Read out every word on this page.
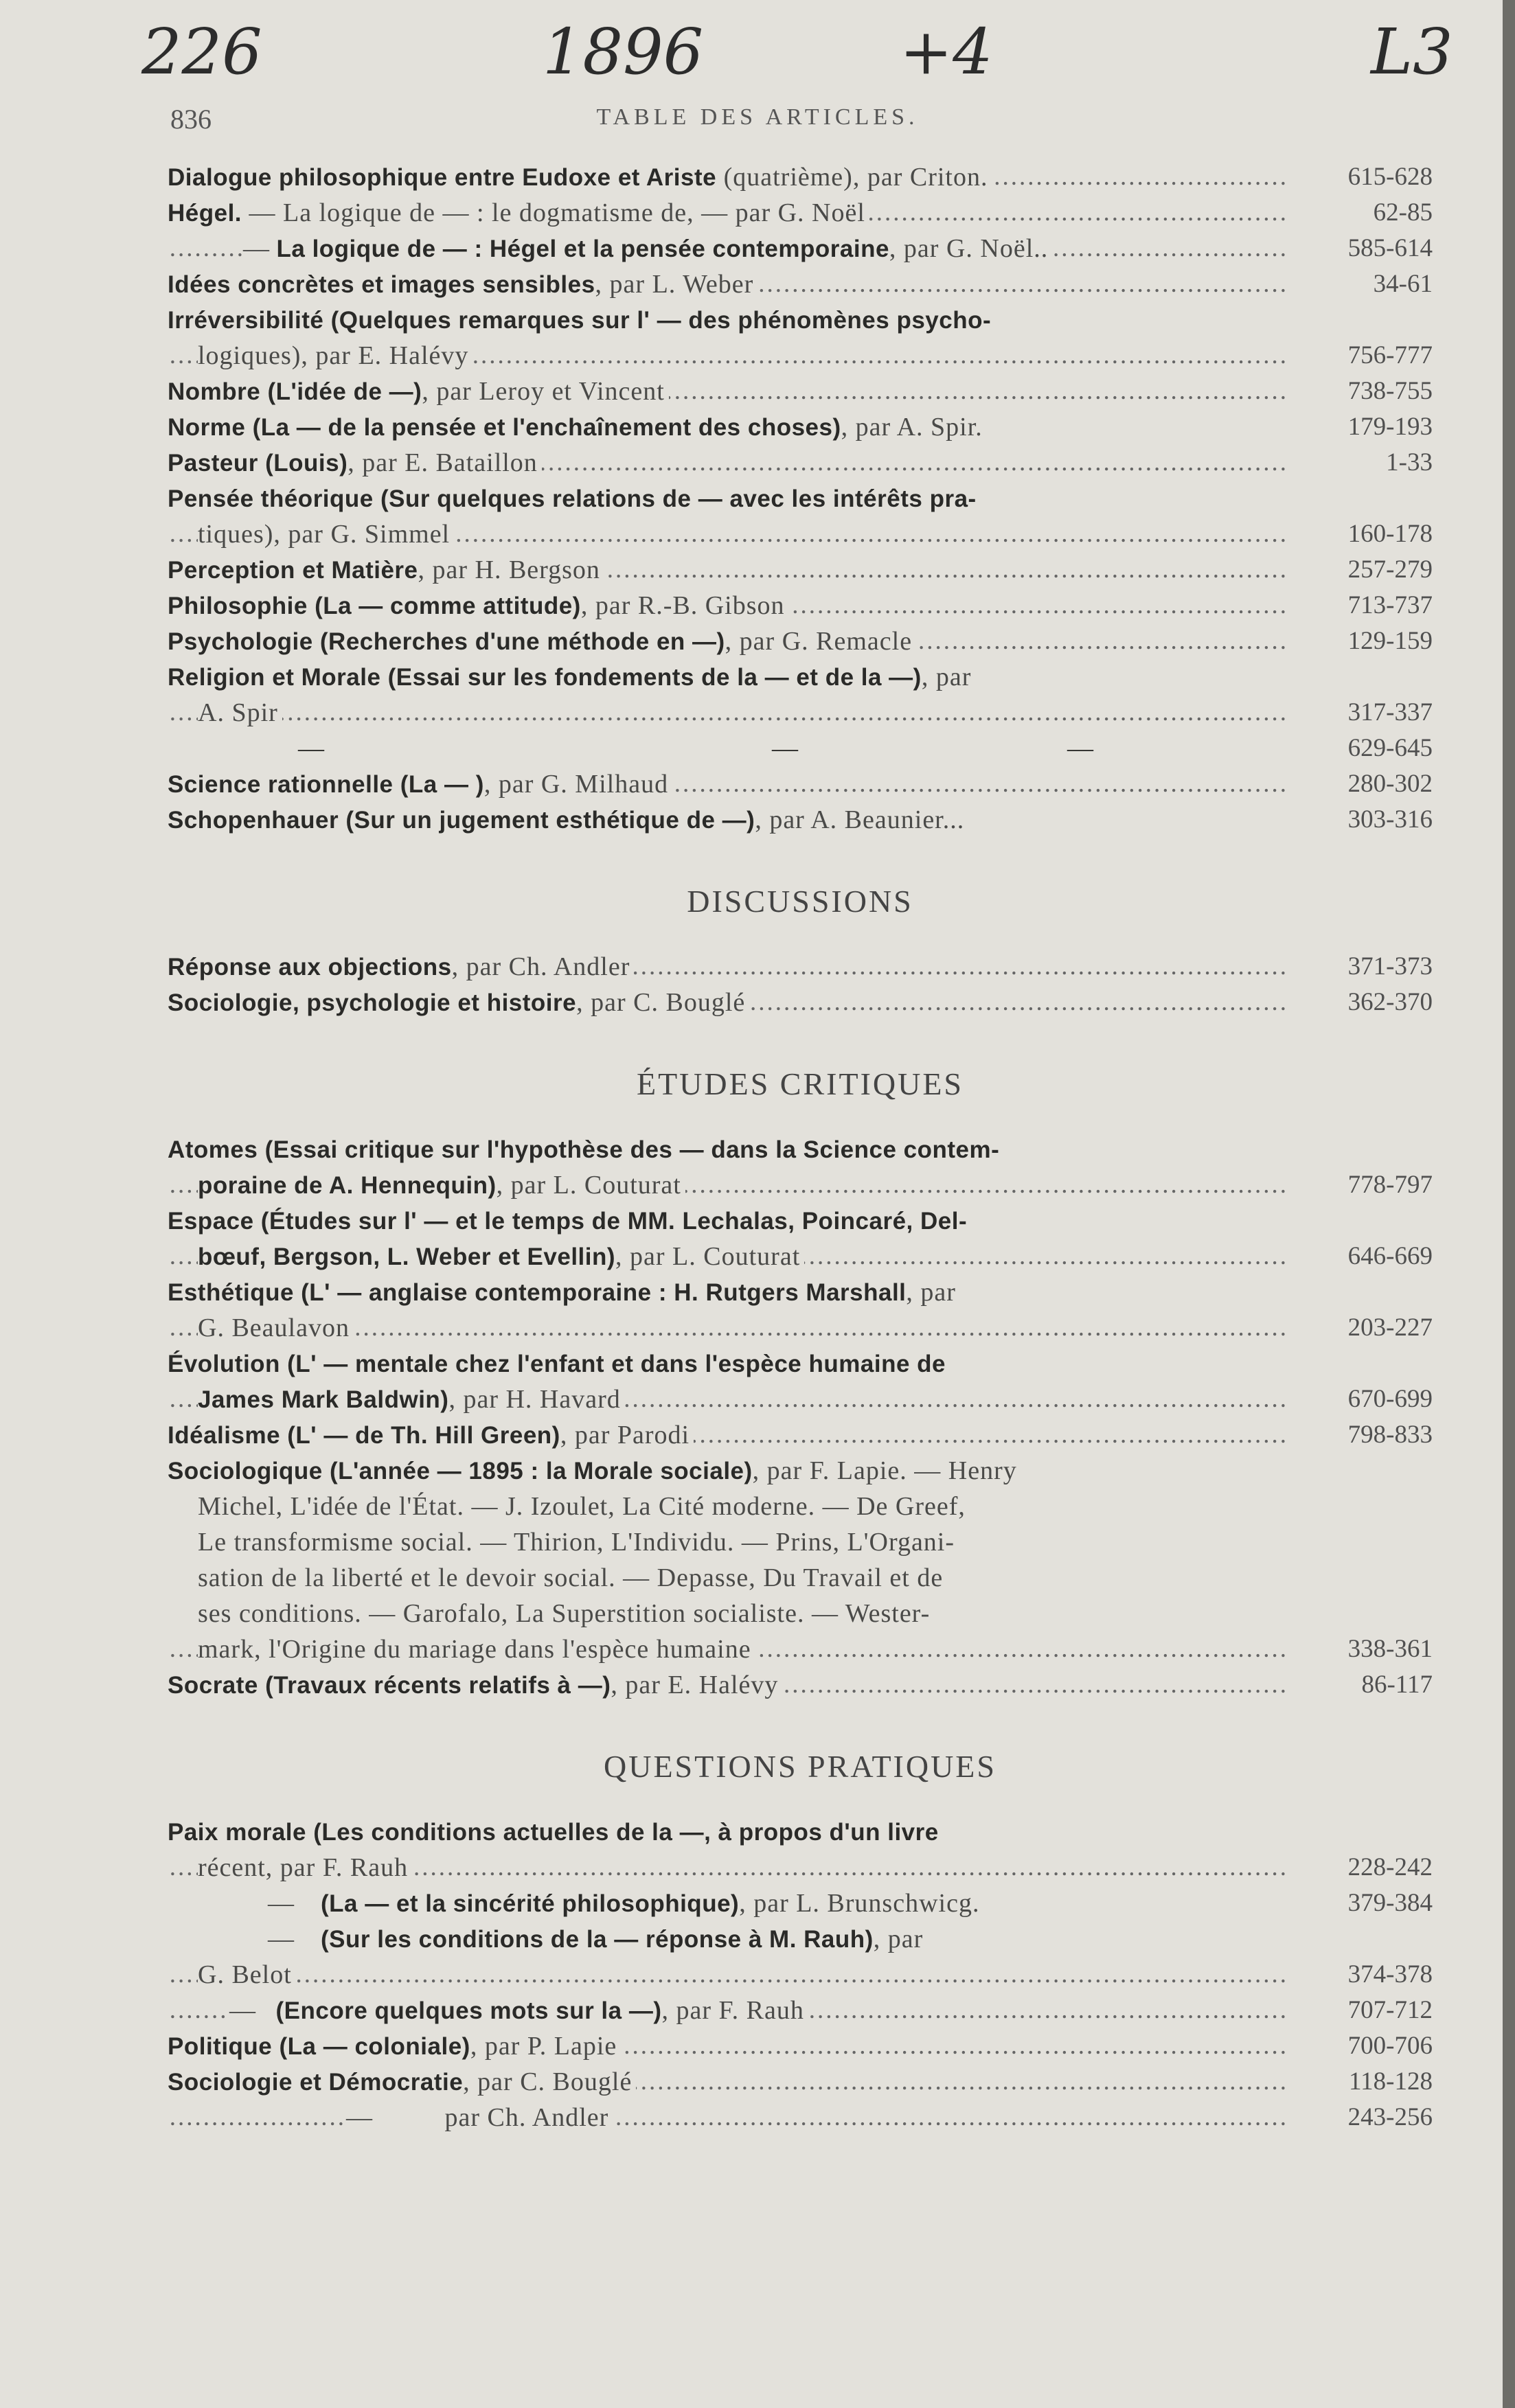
226	1896	+4	L3
836	TABLE DES ARTICLES.
Dialogue philosophique entre Eudoxe et Ariste (quatrième), par Criton.	..... 615-628
Hégel. — La logique de — : le dogmatisme de, — par G. Noël	..... 62-85
— La logique de — : Hégel et la pensée contemporaine, par G. Noël..	..... 585-614
Idées concrètes et images sensibles, par L. Weber	..... 34-61
Irréversibilité (Quelques remarques sur l' — des phénomènes psycho-
logiques), par E. Halévy	..... 756-777
Nombre (L'idée de —), par Leroy et Vincent	..... 738-755
Norme (La — de la pensée et l'enchaînement des choses), par A. Spir.	179-193
Pasteur (Louis), par E. Bataillon	..... 1-33
Pensée théorique (Sur quelques relations de — avec les intérêts pra-
tiques), par G. Simmel	..... 160-178
Perception et Matière, par H. Bergson	..... 257-279
Philosophie (La — comme attitude), par R.-B. Gibson	..... 713-737
Psychologie (Recherches d'une méthode en —), par G. Remacle	..... 129-159
Religion et Morale (Essai sur les fondements de la — et de la —), par
A. Spir	..... 317-337
—	—	—	629-645
Science rationnelle (La — ), par G. Milhaud	..... 280-302
Schopenhauer (Sur un jugement esthétique de —), par A. Beaunier...	303-316
DISCUSSIONS
Réponse aux objections, par Ch. Andler	..... 371-373
Sociologie, psychologie et histoire, par C. Bouglé	..... 362-370
ÉTUDES CRITIQUES
Atomes (Essai critique sur l'hypothèse des — dans la Science contem-
poraine de A. Hennequin), par L. Couturat	..... 778-797
Espace (Études sur l' — et le temps de MM. Lechalas, Poincaré, Del-
bœuf, Bergson, L. Weber et Evellin), par L. Couturat	..... 646-669
Esthétique (L' — anglaise contemporaine : H. Rutgers Marshall, par
G. Beaulavon	..... 203-227
Évolution (L' — mentale chez l'enfant et dans l'espèce humaine de
James Mark Baldwin), par H. Havard	..... 670-699
Idéalisme (L' — de Th. Hill Green), par Parodi	..... 798-833
Sociologique (L'année — 1895 : la Morale sociale), par F. Lapie. — Henry
Michel, L'idée de l'État. — J. Izoulet, La Cité moderne. — De Greef,
Le transformisme social. — Thirion, L'Individu. — Prins, L'Organi-
sation de la liberté et le devoir social. — Depasse, Du Travail et de
ses conditions. — Garofalo, La Superstition socialiste. — Wester-
mark, l'Origine du mariage dans l'espèce humaine	..... 338-361
Socrate (Travaux récents relatifs à —), par E. Halévy	..... 86-117
QUESTIONS PRATIQUES
Paix morale (Les conditions actuelles de la —, à propos d'un livre
récent, par F. Rauh	..... 228-242
— (La — et la sincérité philosophique), par L. Brunschwicg.	379-384
— (Sur les conditions de la — réponse à M. Rauh), par
G. Belot	..... 374-378
— (Encore quelques mots sur la —), par F. Rauh	..... 707-712
Politique (La — coloniale), par P. Lapie	..... 700-706
Sociologie et Démocratie, par C. Bouglé	..... 118-128
—	par Ch. Andler	..... 243-256
